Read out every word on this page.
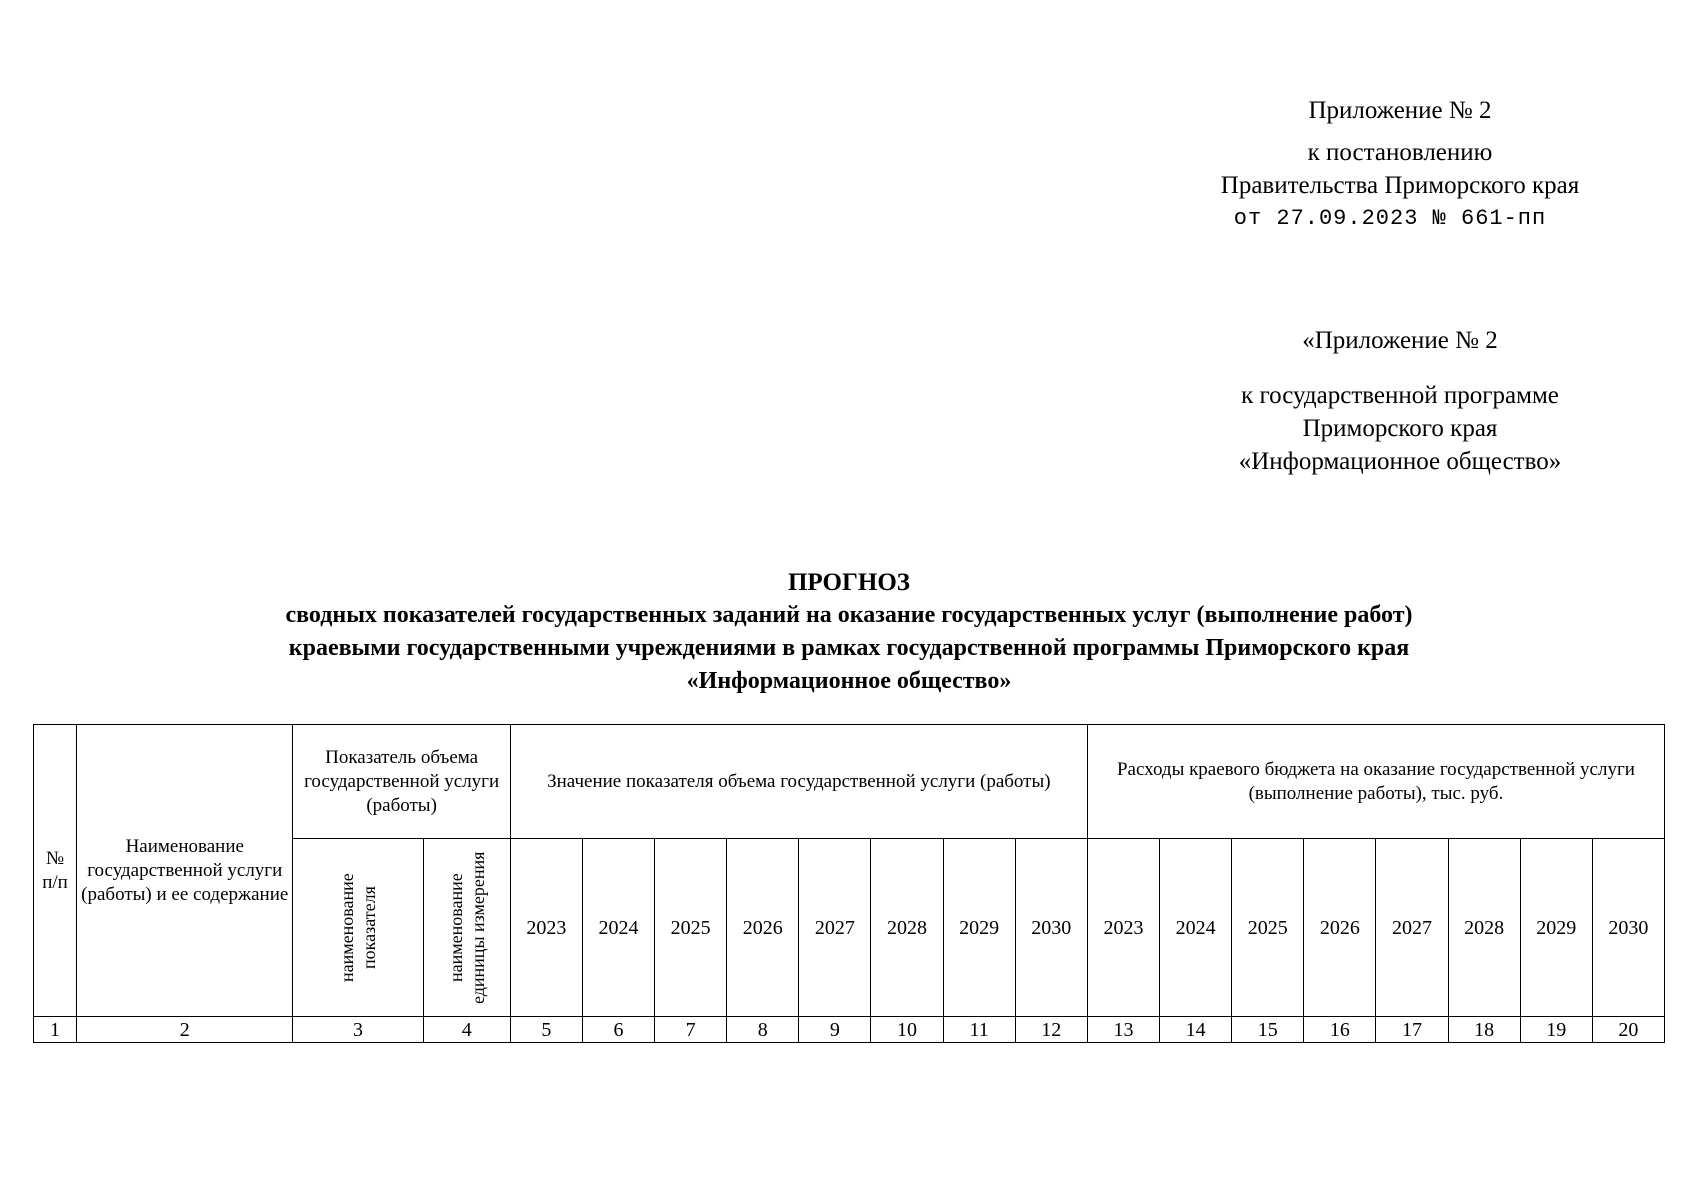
Приложение № 2
к постановлению
Правительства Приморского края
от 27.09.2023 № 661-пп
«Приложение № 2
к государственной программе
Приморского края
«Информационное общество»
ПРОГНОЗ
сводных показателей государственных заданий на оказание государственных услуг (выполнение работ)
краевыми государственными учреждениями в рамках государственной программы Приморского края
«Информационное общество»
№ п/п	Наименование государственной услуги (работы) и ее содержание	Показатель объема государственной услуги (работы)		Значение показателя объема государственной услуги (работы)								Расходы краевого бюджета на оказание государственной услуги (выполнение работы), тыс. руб.							

		наименование показателя	наименование единицы измерения	2023	2024	2025	2026	2027	2028	2029	2030	2023	2024	2025	2026	2027	2028	2029	2030
1	2	3	4	5	6	7	8	9	10	11	12	13	14	15	16	17	18	19	20
